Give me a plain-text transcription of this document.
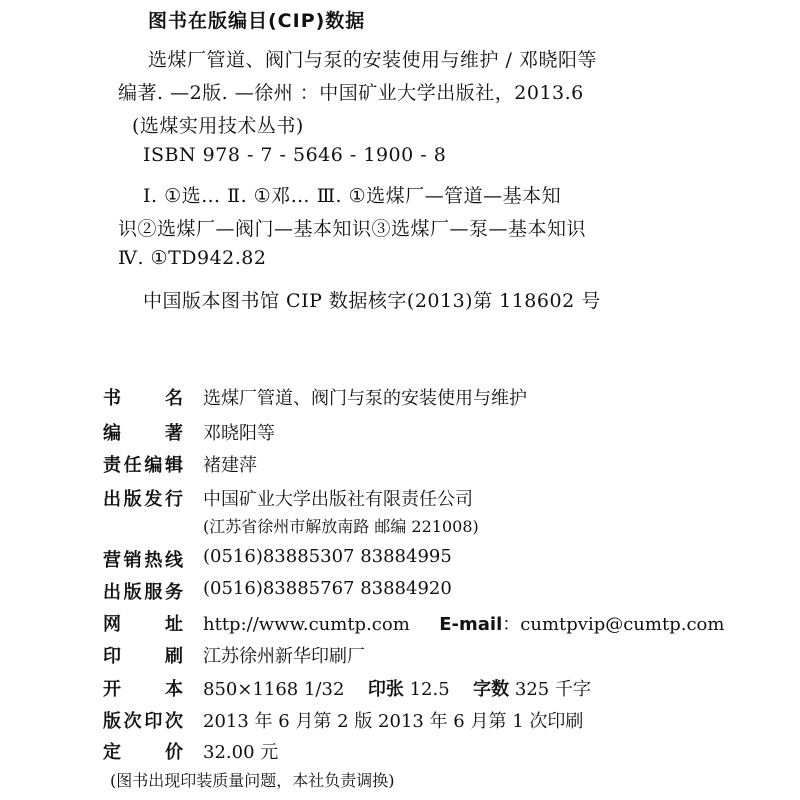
图书在版编目(CIP)数据
选煤厂管道、阀门与泵的安装使用与维护 / 邓晓阳等
编著. —2版. —徐州 ：中国矿业大学出版社，2013.6
(选煤实用技术丛书)
ISBN 978 - 7 - 5646 - 1900 - 8
Ⅰ. ①选… Ⅱ. ①邓… Ⅲ. ①选煤厂—管道—基本知
识②选煤厂—阀门—基本知识③选煤厂—泵—基本知识
Ⅳ. ①TD942.82
中国版本图书馆 CIP 数据核字(2013)第 118602 号
书 名 选煤厂管道、阀门与泵的安装使用与维护
编 著 邓晓阳等
责 任 编 辑 褚建萍
出 版 发 行 中国矿业大学出版社有限责任公司
(江苏省徐州市解放南路 邮编 221008)
营 销 热 线 (0516)83885307 83884995
出 版 服 务 (0516)83885767 83884920
网 址 http://www.cumtp.com E-mail：cumtpvip@cumtp.com
印 刷 江苏徐州新华印刷厂
开 本 850×1168 1/32 印张 12.5 字数 325 千字
版 次 印 次 2013 年 6 月第 2 版 2013 年 6 月第 1 次印刷
定 价 32.00 元
(图书出现印装质量问题，本社负责调换)
